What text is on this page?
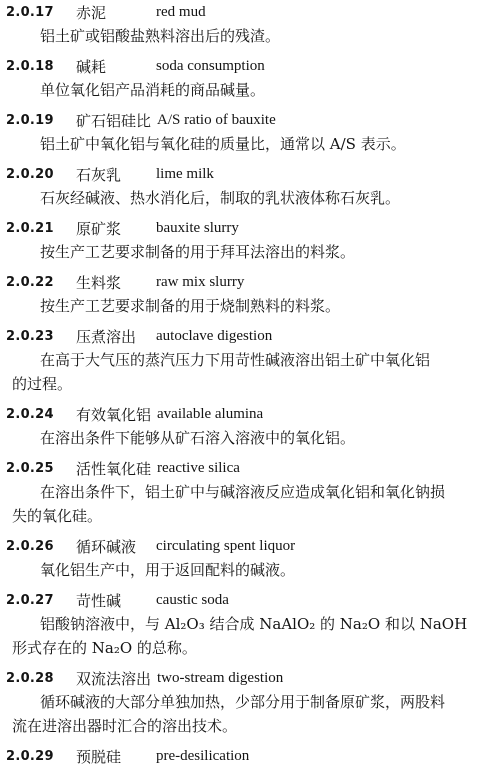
2.0.17	赤泥	red mud
铝土矿或铝酸盐熟料溶出后的残渣。
2.0.18	碱耗	soda consumption
单位氧化铝产品消耗的商品碱量。
2.0.19	矿石铝硅比 A/S ratio of bauxite
铝土矿中氧化铝与氧化硅的质量比，通常以 A/S 表示。
2.0.20	石灰乳	lime milk
石灰经碱液、热水消化后，制取的乳状液体称石灰乳。
2.0.21	原矿浆	bauxite slurry
按生产工艺要求制备的用于拜耳法溶出的料浆。
2.0.22	生料浆	raw mix slurry
按生产工艺要求制备的用于烧制熟料的料浆。
2.0.23	压煮溶出	autoclave digestion
在高于大气压的蒸汽压力下用苛性碱液溶出铝土矿中氧化铝
的过程。
2.0.24	有效氧化铝 available alumina
在溶出条件下能够从矿石溶入溶液中的氧化铝。
2.0.25	活性氧化硅 reactive silica
在溶出条件下，铝土矿中与碱溶液反应造成氧化铝和氧化钠损
失的氧化硅。
2.0.26	循环碱液	circulating spent liquor
氧化铝生产中，用于返回配料的碱液。
2.0.27	苛性碱	caustic soda
铝酸钠溶液中，与 Al₂O₃ 结合成 NaAlO₂ 的 Na₂O 和以 NaOH
形式存在的 Na₂O 的总称。
2.0.28	双流法溶出 two-stream digestion
循环碱液的大部分单独加热，少部分用于制备原矿浆，两股料
流在进溶出器时汇合的溶出技术。
2.0.29	预脱硅	pre-desilication
